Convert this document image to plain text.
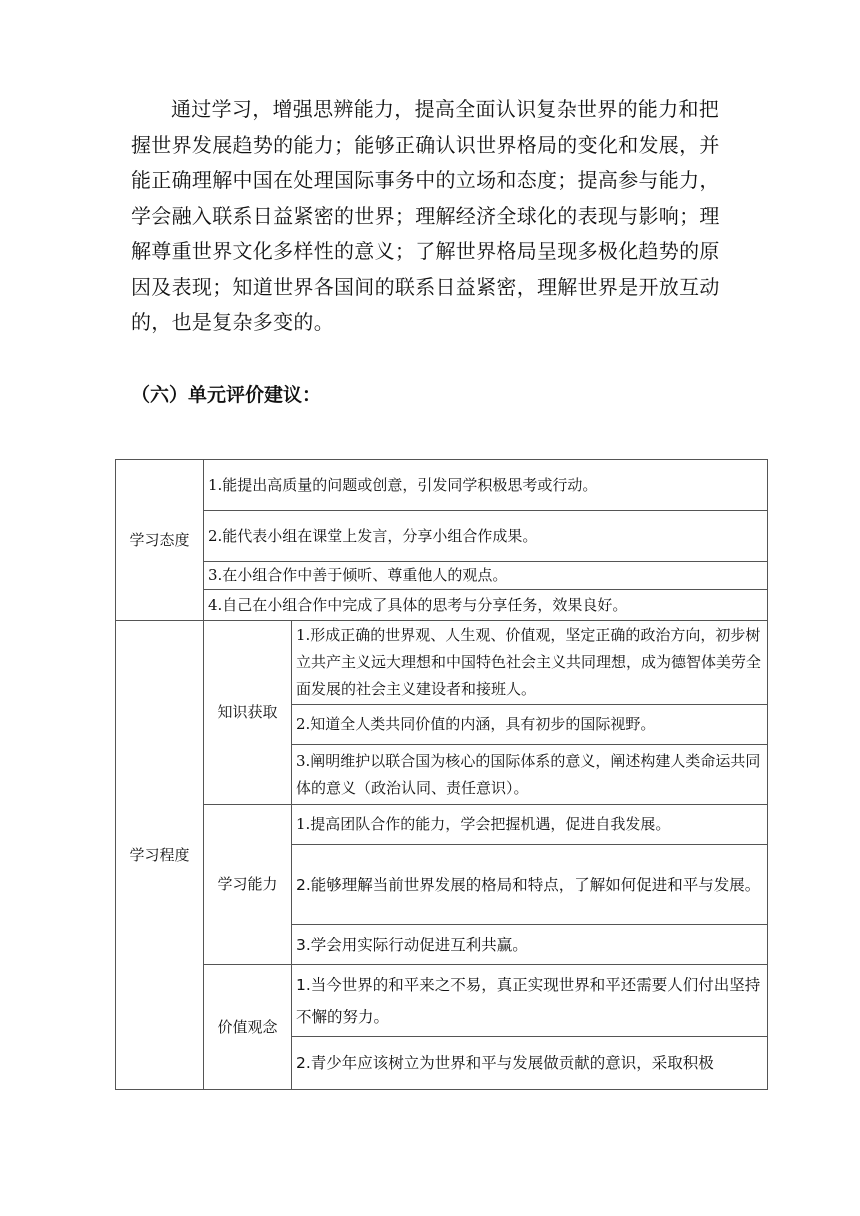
通过学习，增强思辨能力，提高全面认识复杂世界的能力和把握世界发展趋势的能力；能够正确认识世界格局的变化和发展，并能正确理解中国在处理国际事务中的立场和态度；提高参与能力，学会融入联系日益紧密的世界；理解经济全球化的表现与影响；理解尊重世界文化多样性的意义；了解世界格局呈现多极化趋势的原因及表现；知道世界各国间的联系日益紧密，理解世界是开放互动的，也是复杂多变的。

（六）单元评价建议：

学习态度	1.能提出高质量的问题或创意，引发同学积极思考或行动。	
	2.能代表小组在课堂上发言，分享小组合作成果。	
	3.在小组合作中善于倾听、尊重他人的观点。	
	4.自己在小组合作中完成了具体的思考与分享任务，效果良好。	
学习程度	知识获取	1.形成正确的世界观、人生观、价值观，坚定正确的政治方向，初步树立共产主义远大理想和中国特色社会主义共同理想，成为德智体美劳全面发展的社会主义建设者和接班人。
		2.知道全人类共同价值的内涵，具有初步的国际视野。
		3.阐明维护以联合国为核心的国际体系的意义，阐述构建人类命运共同体的意义（政治认同、责任意识）。
	学习能力	1.提高团队合作的能力，学会把握机遇，促进自我发展。
		2.能够理解当前世界发展的格局和特点，了解如何促进和平与发展。
		3.学会用实际行动促进互利共赢。
	价值观念	1.当今世界的和平来之不易，真正实现世界和平还需要人们付出坚持不懈的努力。
		2.青少年应该树立为世界和平与发展做贡献的意识，采取积极
